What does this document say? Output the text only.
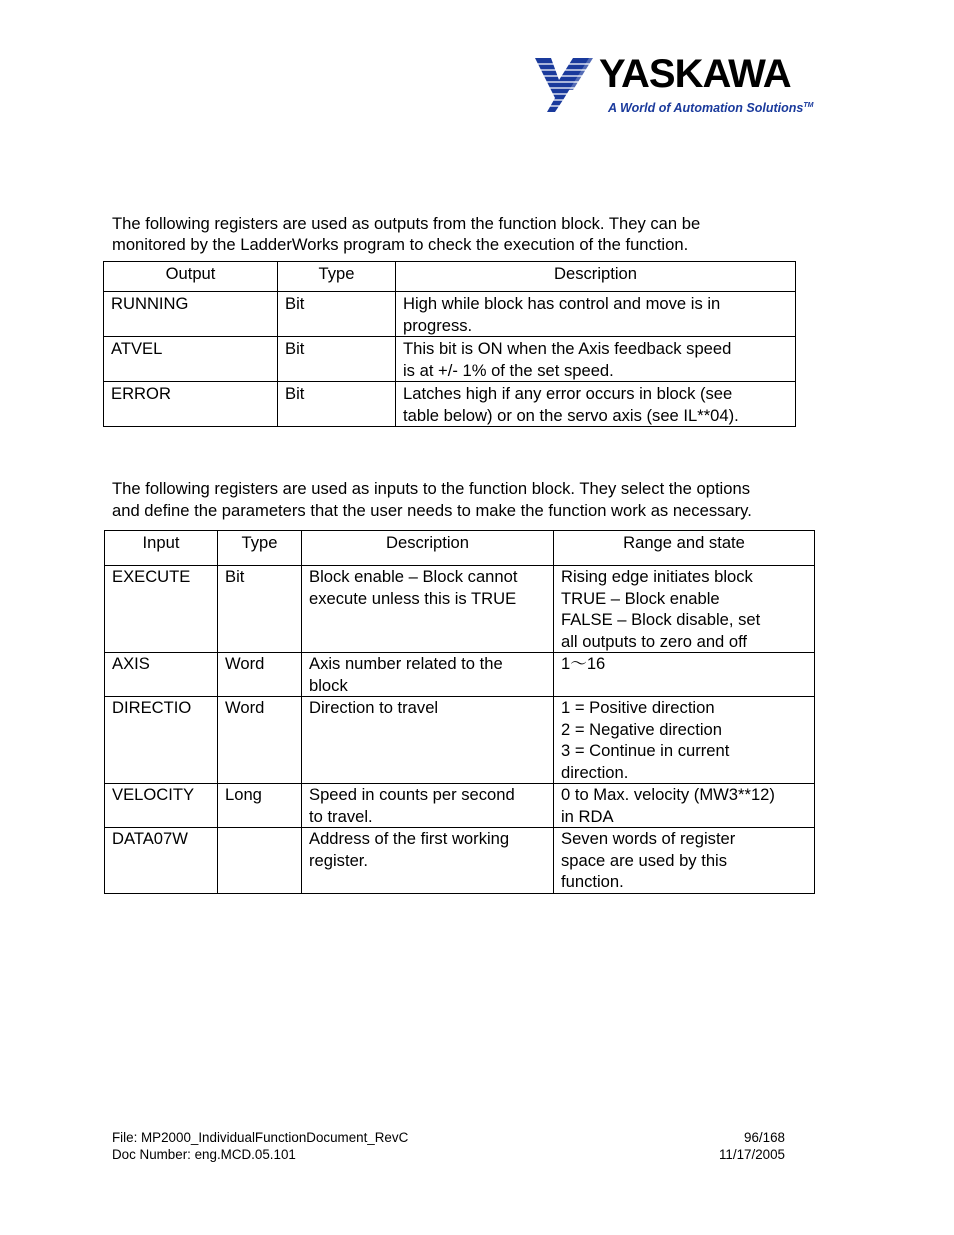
YASKAWA
A World of Automation Solutions™
The following registers are used as outputs from the function block. They can be
monitored by the LadderWorks program to check the execution of the function.
Output	Type	Description
RUNNING	Bit	High while block has control and move is in
progress.

ATVEL	Bit	This bit is ON when the Axis feedback speed
is at +/- 1% of the set speed.

ERROR	Bit	Latches high if any error occurs in block (see
table below) or on the servo axis (see IL**04).
The following registers are used as inputs to the function block. They select the options
and define the parameters that the user needs to make the function work as necessary.
Input	Type	Description	Range and state
EXECUTE	Bit	Block enable – Block cannot
execute unless this is TRUE	Rising edge initiates block
TRUE – Block enable
FALSE – Block disable, set
all outputs to zero and off

AXIS	Word	Axis number related to the
block	1～16

DIRECTIO	Word	Direction to travel	1 = Positive direction
2 = Negative direction
3 = Continue in current
direction.

VELOCITY	Long	Speed in counts per second
to travel.	0 to Max. velocity (MW3**12)
in RDA

DATA07W		Address of the first working
register.	Seven words of register
space are used by this
function.
File: MP2000_IndividualFunctionDocument_RevC
Doc Number: eng.MCD.05.101
96/168
11/17/2005
